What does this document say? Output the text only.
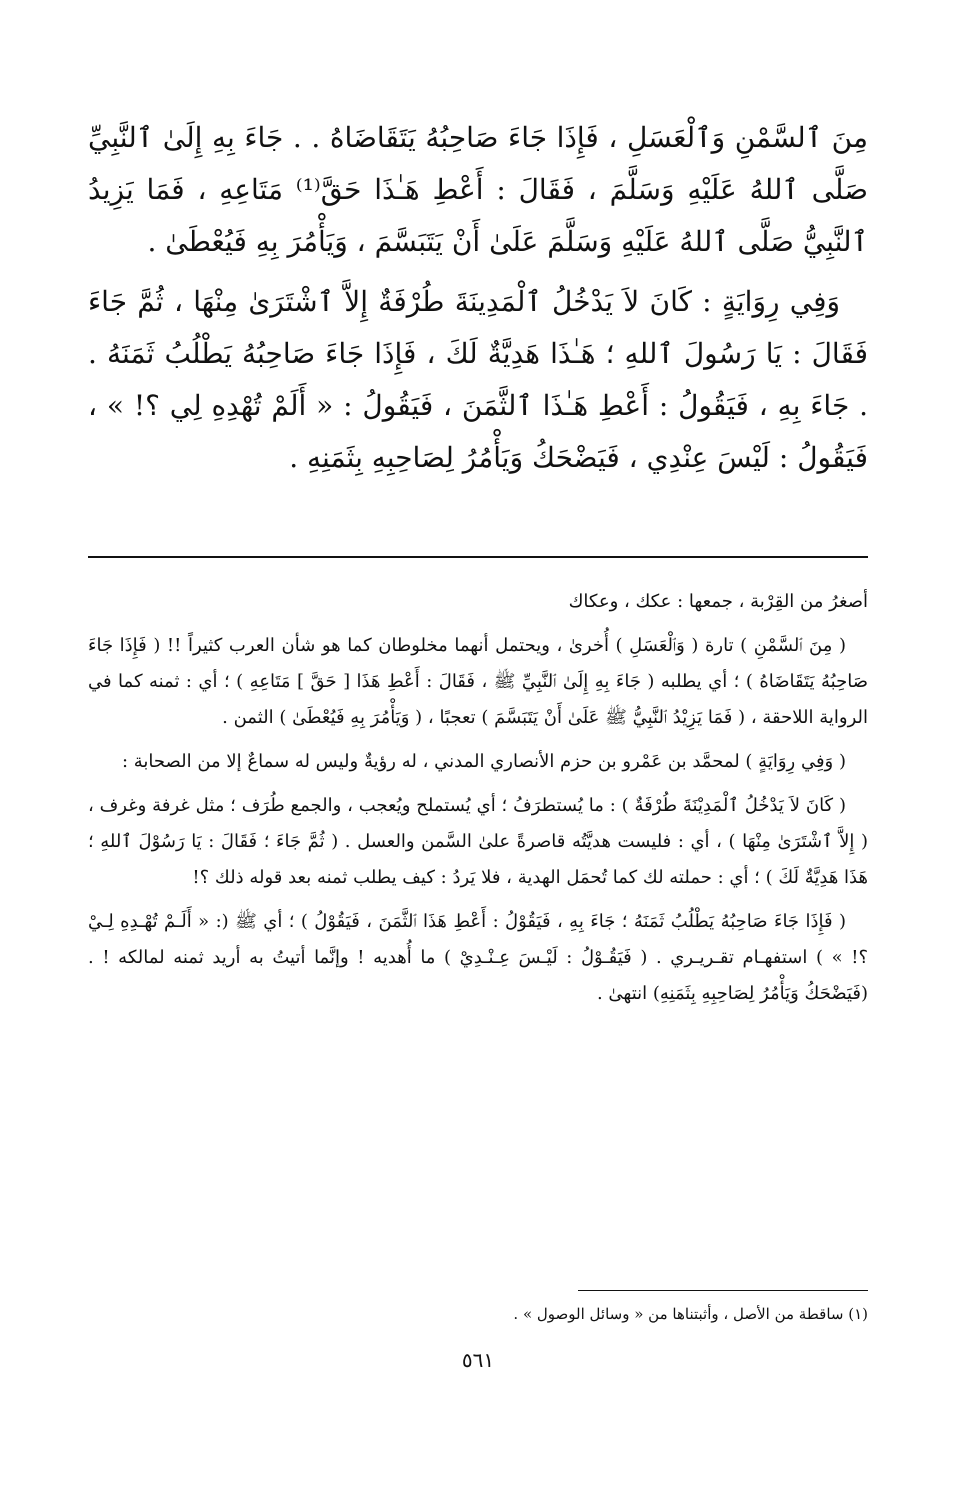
مِنَ ٱلسَّمْنِ وَٱلْعَسَلِ ، فَإِذَا جَاءَ صَاحِبُهُ يَتَقَاضَاهُ . . جَاءَ بِهِ إِلَىٰ ٱلنَّبِيِّ صَلَّى ٱللهُ عَلَيْهِ وَسَلَّمَ ، فَقَالَ : أَعْطِ هَـٰذَا حَقَّ⁽¹⁾ مَتَاعِهِ ، فَمَا يَزِيدُ ٱلنَّبِيُّ صَلَّى ٱللهُ عَلَيْهِ وَسَلَّمَ عَلَىٰ أَنْ يَتَبَسَّمَ ، وَيَأْمُرَ بِهِ فَيُعْطَىٰ .

وَفِي رِوَايَةٍ : كَانَ لاَ يَدْخُلُ ٱلْمَدِينَةَ طُرْفَةٌ إِلاَّ ٱشْتَرَىٰ مِنْهَا ، ثُمَّ جَاءَ فَقَالَ : يَا رَسُولَ ٱللهِ ؛ هَـٰذَا هَدِيَّةٌ لَكَ ، فَإِذَا جَاءَ صَاحِبُهُ يَطْلُبُ ثَمَنَهُ . . جَاءَ بِهِ ، فَيَقُولُ : أَعْطِ هَـٰذَا ٱلثَّمَنَ ، فَيَقُولُ : « أَلَمْ تُهْدِهِ لِي ؟! » ، فَيَقُولُ : لَيْسَ عِنْدِي ، فَيَضْحَكُ وَيَأْمُرُ لِصَاحِبِهِ بِثَمَنِهِ .

أصغرُ من القِرْبة ، جمعها : عكك ، وعكاك

( مِنَ ٱلسَّمْنِ ) تارة ( وَٱلْعَسَلِ ) أُخرىٰ ، ويحتمل أنهما مخلوطان كما هو شأن العرب كثيراً !! ( فَإِذَا جَاءَ صَاحِبُهُ يَتَقَاضَاهُ ) ؛ أي يطلبه ( جَاءَ بِهِ إِلَىٰ ٱلنَّبِيِّ ﷺ ، فَقَالَ : أَعْطِ هَذَا [ حَقَّ ] مَتَاعِهِ ) ؛ أي : ثمنه كما في الرواية اللاحقة ، ( فَمَا يَزِيْدُ ٱلنَّبِيُّ ﷺ عَلَىٰ أَنْ يَتَبَسَّمَ ) تعجبًا ، ( وَيَأْمُرَ بِهِ فَيُعْطَىٰ ) الثمن .

( وَفِي رِوَايَةٍ ) لمحمَّد بن عَمْرو بن حزم الأنصاري المدني ، له رؤيةٌ وليس له سماعٌ إلا من الصحابة :

( كَانَ لاَ يَدْخُلُ ٱلْمَدِيْنَةَ طُرْفَةٌ ) : ما يُستطرَفُ ؛ أي يُستملح ويُعجب ، والجمع طُرَف ؛ مثل غرفة وغرف ، ( إِلاَّ ٱشْتَرَىٰ مِنْهَا ) ، أي : فليست هديَّتُه قاصرةً علىٰ السَّمن والعسل . ( ثُمَّ جَاءَ ؛ فَقَالَ : يَا رَسُوْلَ ٱللهِ ؛ هَذَا هَدِيَّةٌ لَكَ ) ؛ أي : حملته لك كما تُحمَل الهدية ، فلا يَردُ : كيف يطلب ثمنه بعد قوله ذلك ؟!

( فَإِذَا جَاءَ صَاحِبُهُ يَطْلُبُ ثَمَنَهُ ؛ جَاءَ بِهِ ، فَيَقُوْلُ : أَعْطِ هَذَا ٱلثَّمَنَ ، فَيَقُوْلُ ) ؛ أي ﷺ (: « أَلَـمْ تُهْـدِهِ لِـيْ ؟! » ) استفهـام تقـريـري . ( فَيَقُـوْلُ : لَيْـسَ عِـنْـدِيْ ) ما أُهديه ! وإنَّما أتيتُ به أريد ثمنه لمالكه ! . (فَيَضْحَكُ وَيَأْمُرُ لِصَاحِبِهِ بِثَمَنِهِ) انتهىٰ .

(١) ساقطة من الأصل ، وأثبتناها من « وسائل الوصول » .
٥٦١
